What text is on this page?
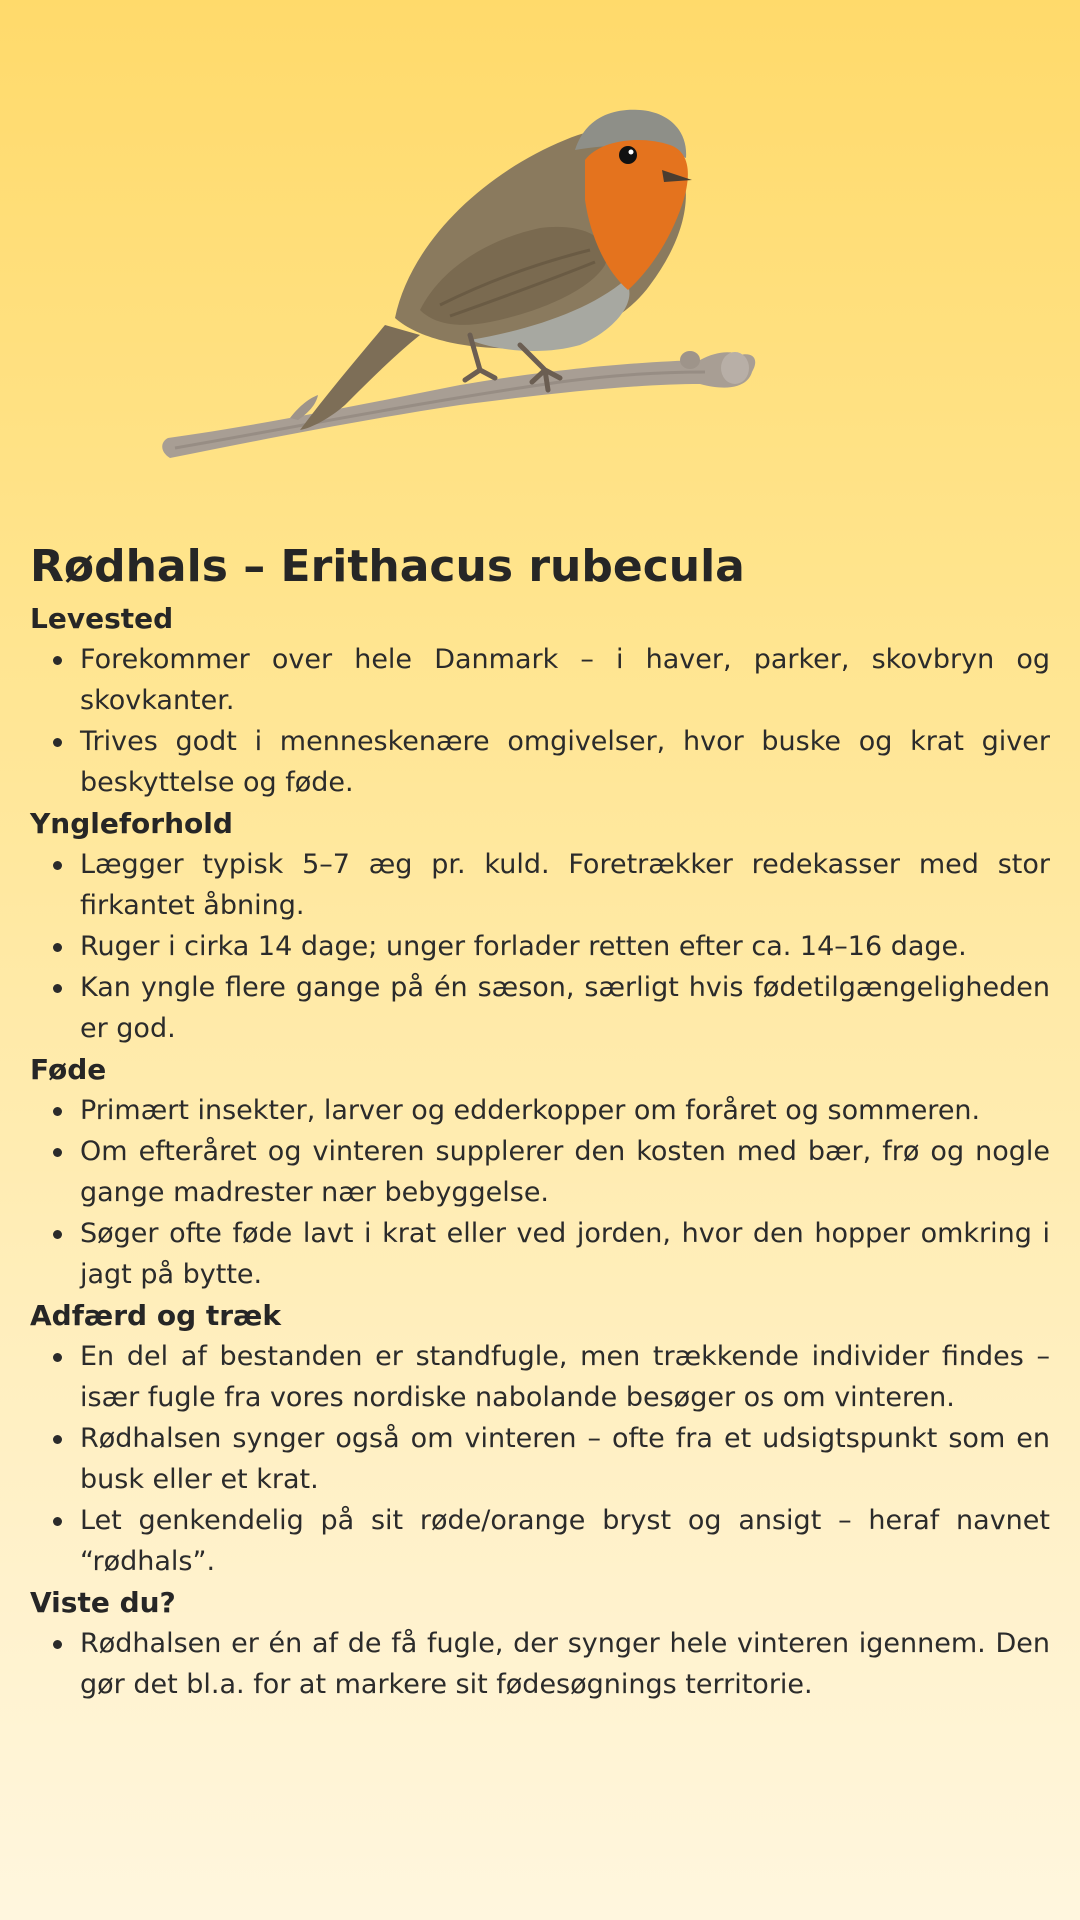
Rødhals – Erithacus rubecula
Levested
Forekommer over hele Danmark – i haver, parker, skovbryn og skovkanter.
Trives godt i menneskenære omgivelser, hvor buske og krat giver beskyttelse og føde.
Yngleforhold
Lægger typisk 5–7 æg pr. kuld. Foretrækker redekasser med stor firkantet åbning.
Ruger i cirka 14 dage; unger forlader retten efter ca. 14–16 dage.
Kan yngle flere gange på én sæson, særligt hvis fødetilgængeligheden er god.
Føde
Primært insekter, larver og edderkopper om foråret og sommeren.
Om efteråret og vinteren supplerer den kosten med bær, frø og nogle gange madrester nær bebyggelse.
Søger ofte føde lavt i krat eller ved jorden, hvor den hopper omkring i jagt på bytte.
Adfærd og træk
En del af bestanden er standfugle, men trækkende individer findes – især fugle fra vores nordiske nabolande besøger os om vinteren.
Rødhalsen synger også om vinteren – ofte fra et udsigtspunkt som en busk eller et krat.
Let genkendelig på sit røde/orange bryst og ansigt – heraf navnet “rødhals”.
Viste du?
Rødhalsen er én af de få fugle, der synger hele vinteren igennem. Den gør det bl.a. for at markere sit fødesøgnings territorie.
